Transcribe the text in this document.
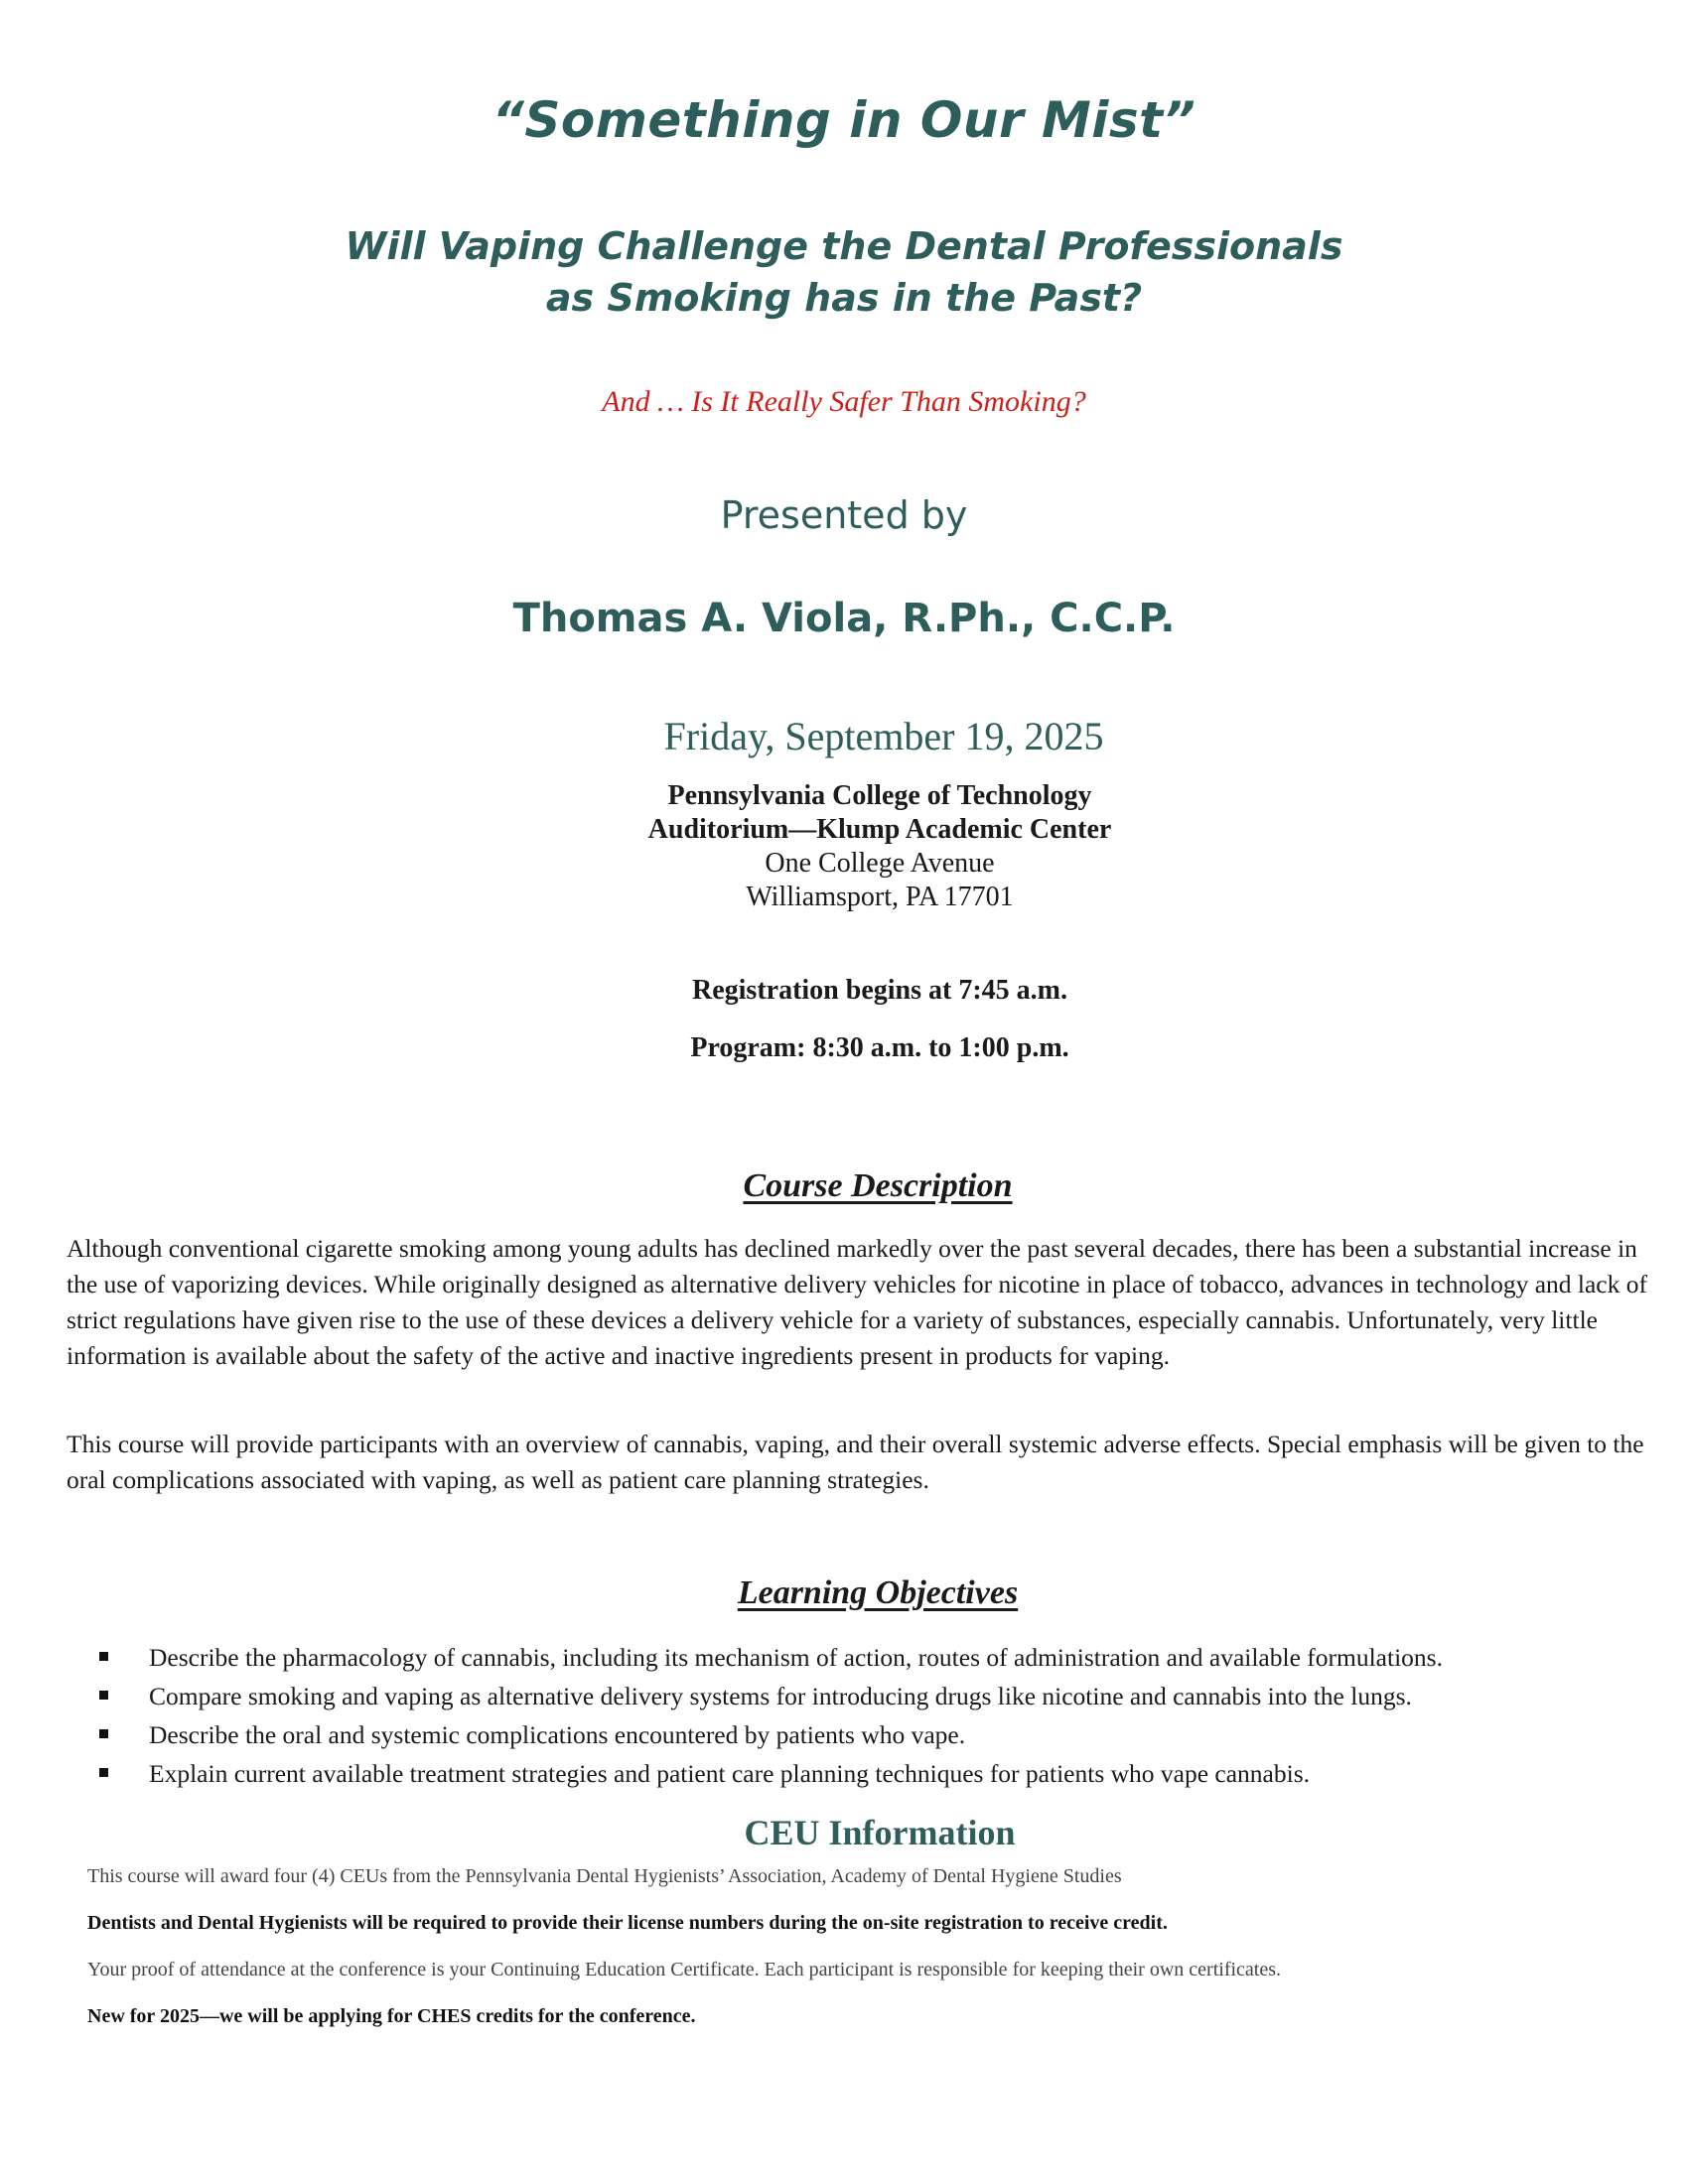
“Something in Our Mist”
Will Vaping Challenge the Dental Professionals
as Smoking has in the Past?
And … Is It Really Safer Than Smoking?
Presented by
Thomas A. Viola, R.Ph., C.C.P.
Friday, September 19, 2025
Pennsylvania College of Technology
Auditorium—Klump Academic Center
One College Avenue
Williamsport, PA 17701
Registration begins at 7:45 a.m.
Program: 8:30 a.m. to 1:00 p.m.
Course Description

Although conventional cigarette smoking among young adults has declined markedly over the past several decades, there has been a substantial increase in the use of vaporizing devices. While originally designed as alternative delivery vehicles for nicotine in place of tobacco, advances in technology and lack of strict regulations have given rise to the use of these devices a delivery vehicle for a variety of substances, especially cannabis. Unfortunately, very little information is available about the safety of the active and inactive ingredients present in products for vaping.

This course will provide participants with an overview of cannabis, vaping, and their overall systemic adverse effects. Special emphasis will be given to the oral complications associated with vaping, as well as patient care planning strategies.

Learning Objectives
Describe the pharmacology of cannabis, including its mechanism of action, routes of administration and available formulations.
Compare smoking and vaping as alternative delivery systems for introducing drugs like nicotine and cannabis into the lungs.
Describe the oral and systemic complications encountered by patients who vape.
Explain current available treatment strategies and patient care planning techniques for patients who vape cannabis.
CEU Information

This course will award four (4) CEUs from the Pennsylvania Dental Hygienists’ Association, Academy of Dental Hygiene Studies

Dentists and Dental Hygienists will be required to provide their license numbers during the on-site registration to receive credit.

Your proof of attendance at the conference is your Continuing Education Certificate. Each participant is responsible for keeping their own certificates.

New for 2025—we will be applying for CHES credits for the conference.
